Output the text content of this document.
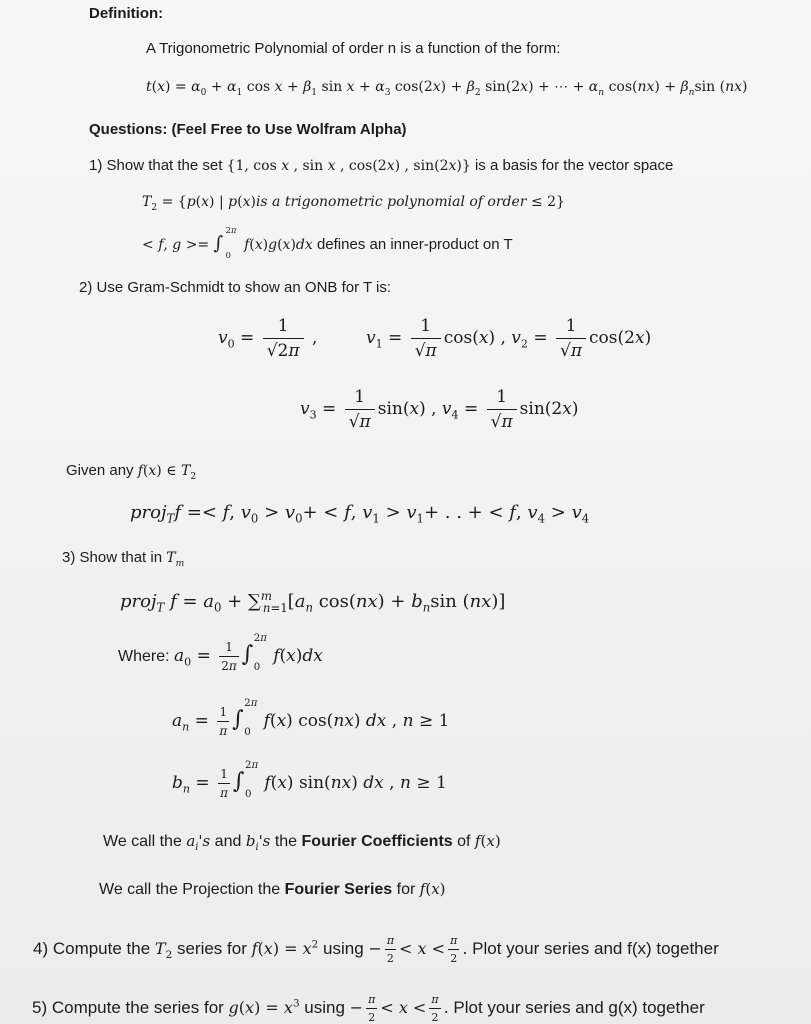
Definition:
A Trigonometric Polynomial of order n is a function of the form:
$t(x) = \alpha_0 + \alpha_1$ $\cos x + \beta_1$ $\sin x + \alpha_3$ $\cos(2x) + \beta_2$ sin(2x) + ⋯ + $\alpha_n$ $\cos(nx) + \beta_n\sin$ (nx)
Questions: (Feel Free to Use Wolfram Alpha)
1) Show that the set {1, cos x , sin x , cos(2x) , sin(2x)} is a basis for the vector space
$T_2 = \{p(x)$ | p(x)is a trigonometric polynomial of order ≤ 2}
< f, g >= ∫
2π
0
f(x)g(x)dx defines an inner-product on T
2) Use Gram-Schmidt to show an ONB for T is:
$v_0 = \frac{1}{√2\pi}$ ,	$v_1 = \frac{1}{√\pi} \cos(x)$ , $v_2 = \frac{1}{√\pi} \cos(2x)$
$v_3 = \frac{1}{√\pi} \sin(x)$ , $v_4 = \frac{1}{√\pi} \sin(2x)$
Given any f(x) ∈ $T_2$
proj$_T$f =< f, $v_0 > v_0+ < f$, $v_1 > v_1+$ . . + < f, $v_4 > v_4$
3) Show that in $T_m$
proj$_T$ $f = a_0 + \sum^m_{n=1}[a_n$ $\cos(nx) + b_n\sin$ (nx)]
Where: $a_0 = \frac{1}{2\pi}$ ∫
2π
0
f(x)dx
$a_n = \frac{1}{\pi}$ ∫
2π
0
f(x) cos(nx) dx , n ≥ 1
$b_n = \frac{1}{\pi}$ ∫
2π
0
f(x) sin(nx) dx , n ≥ 1
We call the $a_i's$ and $b_i's$ the Fourier Coefficients of f(x)
We call the Projection the Fourier Series for f(x)
4) Compute the $T_2$ series for $f(x) = x^2$ $using - \frac{\pi}{2} < x < \frac{\pi}{2}$ . Plot your series and f(x) together
5) Compute the series for $g(x) = x^3$ $using - \frac{\pi}{2} < x < \frac{\pi}{2}$ . Plot your series and g(x) together
